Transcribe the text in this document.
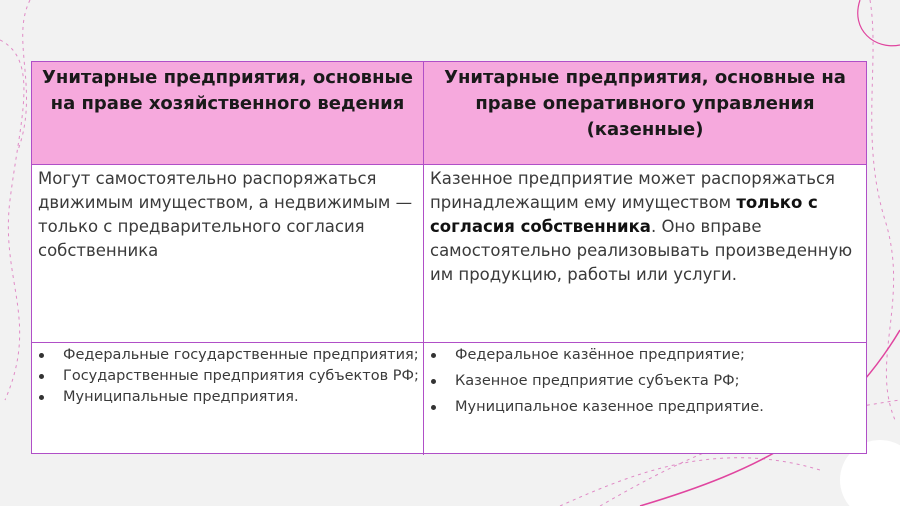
Унитарные предприятия, основные на праве хозяйственного ведения
Унитарные предприятия, основные на праве оперативного управления (казенные)
Могут самостоятельно распоряжаться движимым имуществом, а недвижимым — только с предварительного согласия собственника
Казенное предприятие может распоряжаться принадлежащим ему имуществом только с согласия собственника. Оно вправе самостоятельно реализовывать произведенную им продукцию, работы или услуги.
Федеральные государственные предприятия;
Государственные предприятия субъектов РФ;
Муниципальные предприятия.
Федеральное казённое предприятие;
Казенное предприятие субъекта РФ;
Муниципальное казенное предприятие.
